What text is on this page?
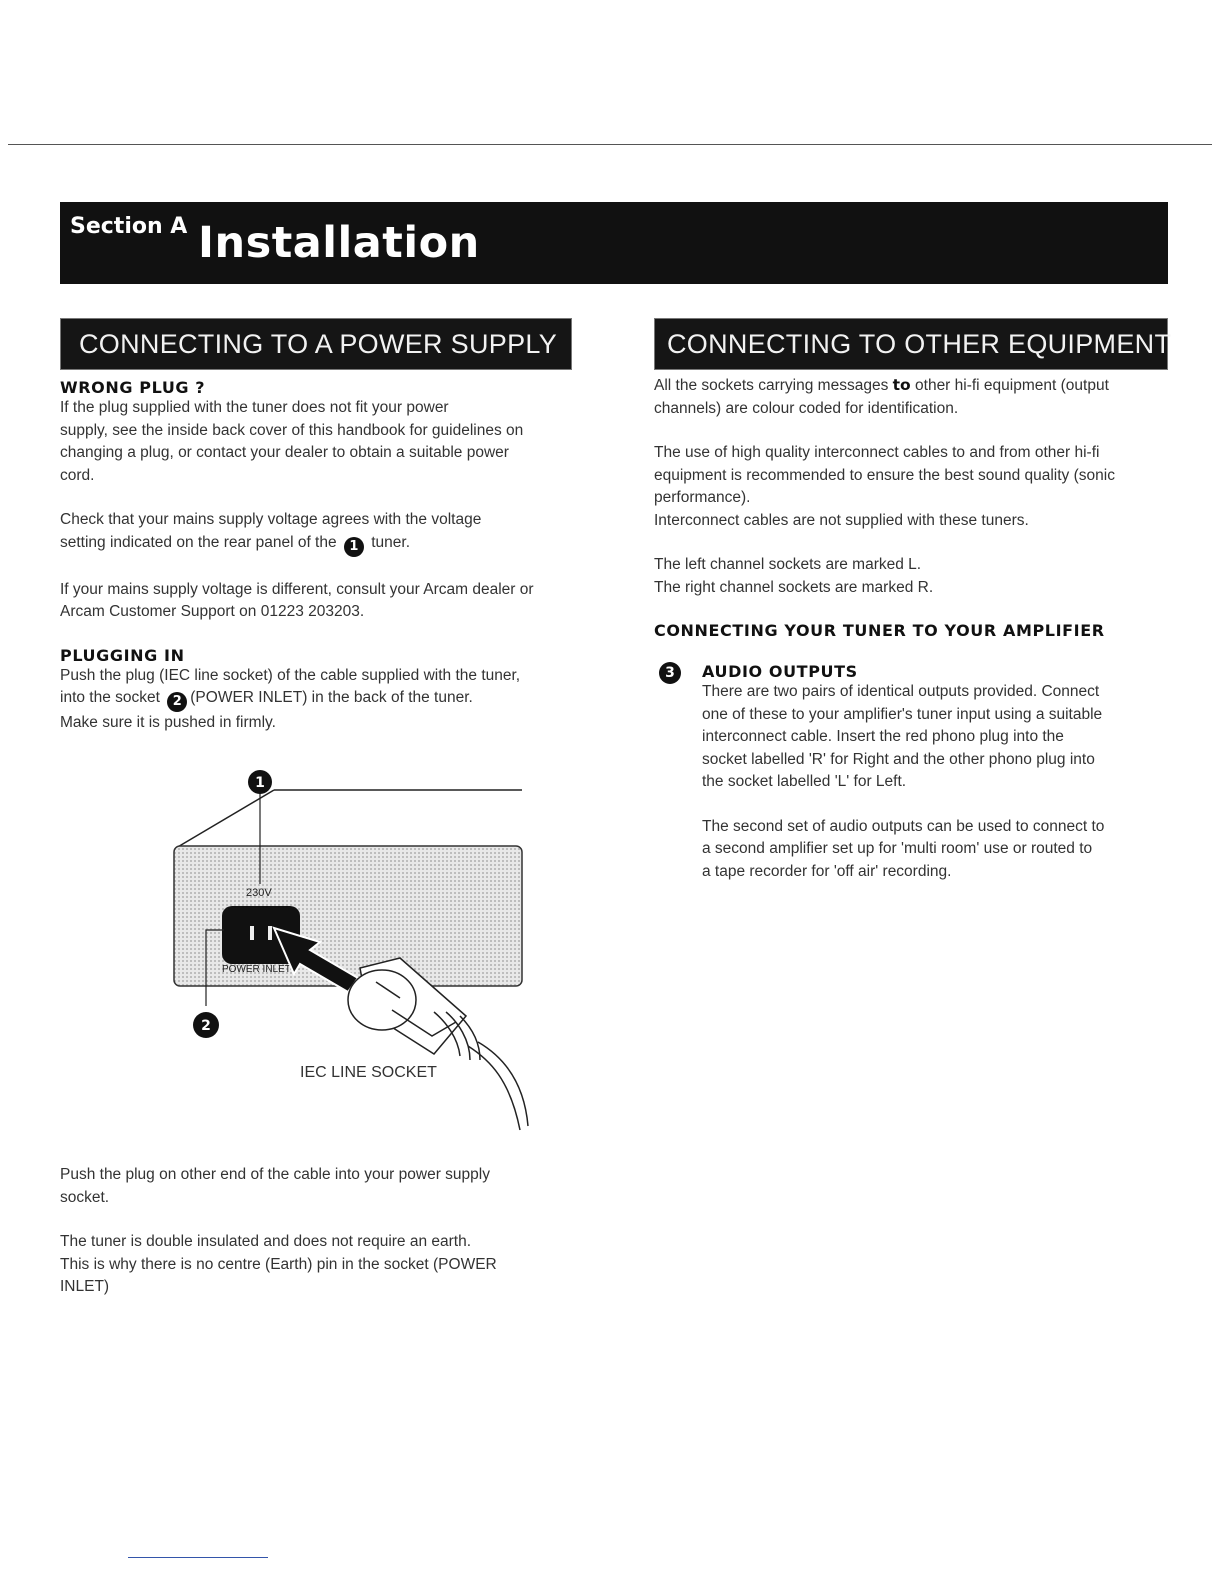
Section A Installation
CONNECTING TO A POWER SUPPLY
WRONG PLUG ?

If the plug supplied with the tuner does not fit your power

supply, see the inside back cover of this handbook for guidelines on

changing a plug, or contact your dealer to obtain a suitable power

cord.

Check that your mains supply voltage agrees with the voltage

setting indicated on the rear panel of the 1 tuner.

If your mains supply voltage is different, consult your Arcam dealer or

Arcam Customer Support on 01223 203203.

PLUGGING IN

Push the plug (IEC line socket) of the cable supplied with the tuner,

into the socket 2 (POWER INLET) in the back of the tuner.

Make sure it is pushed in firmly.

1
230V
POWER INLET
2
IEC LINE SOCKET

Push the plug on other end of the cable into your power supply

socket.

The tuner is double insulated and does not require an earth.

This is why there is no centre (Earth) pin in the socket (POWER

INLET)

CONNECTING TO OTHER EQUIPMENT

All the sockets carrying messages to other hi-fi equipment (output

channels) are colour coded for identification.

The use of high quality interconnect cables to and from other hi-fi

equipment is recommended to ensure the best sound quality (sonic

performance).

Interconnect cables are not supplied with these tuners.

The left channel sockets are marked L.

The right channel sockets are marked R.

CONNECTING YOUR TUNER TO YOUR AMPLIFIER
3	AUDIO OUTPUTS

There are two pairs of identical outputs provided. Connect

one of these to your amplifier's tuner input using a suitable

interconnect cable. Insert the red phono plug into the

socket labelled 'R' for Right and the other phono plug into

the socket labelled 'L' for Left.

The second set of audio outputs can be used to connect to

a second amplifier set up for 'multi room' use or routed to

a tape recorder for 'off air' recording.
